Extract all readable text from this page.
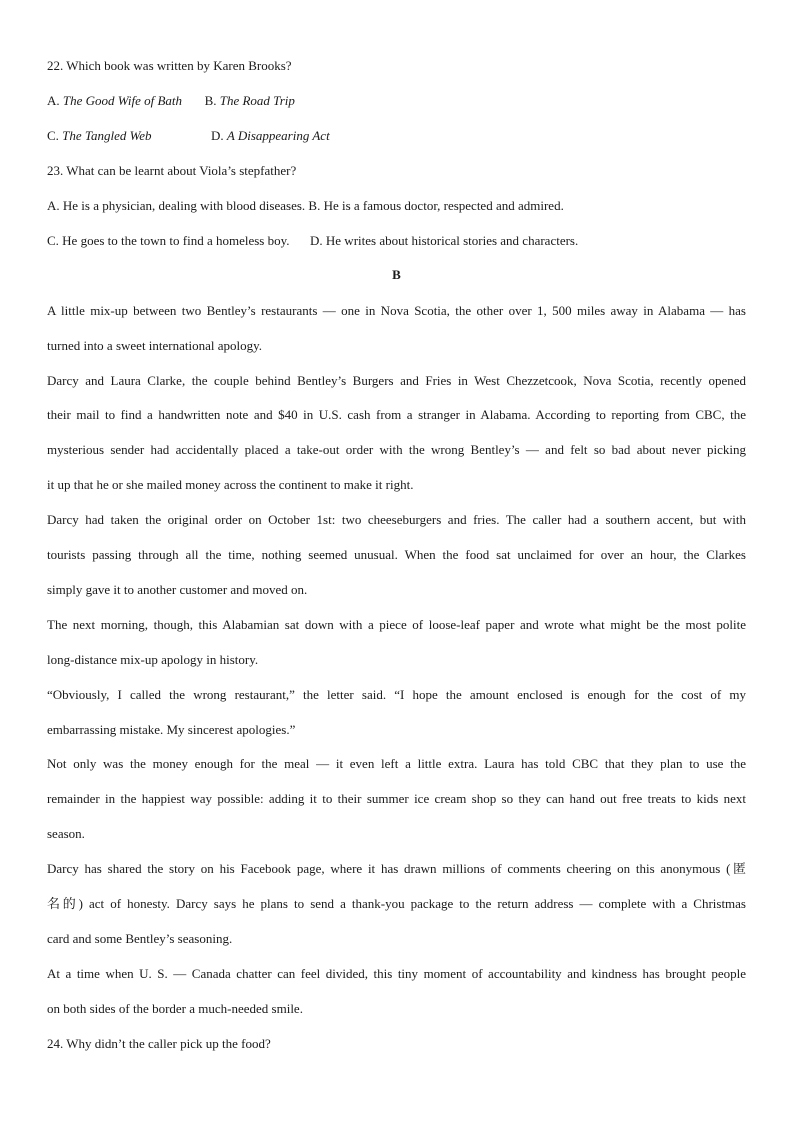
22. Which book was written by Karen Brooks?
A. The Good Wife of Bath B. The Road Trip
C. The Tangled Web	D. A Disappearing Act
23. What can be learnt about Viola’s stepfather?
A. He is a physician, dealing with blood diseases. B. He is a famous doctor, respected and admired.
C. He goes to the town to find a homeless boy. D. He writes about historical stories and characters.
B
A little mix-up between two Bentley’s restaurants — one in Nova Scotia, the other over 1, 500 miles away in Alabama — has
turned into a sweet international apology.
Darcy and Laura Clarke, the couple behind Bentley’s Burgers and Fries in West Chezzetcook, Nova Scotia, recently opened
their mail to find a handwritten note and $40 in U.S. cash from a stranger in Alabama. According to reporting from CBC, the
mysterious sender had accidentally placed a take-out order with the wrong Bentley’s — and felt so bad about never picking
it up that he or she mailed money across the continent to make it right.
Darcy had taken the original order on October 1st: two cheeseburgers and fries. The caller had a southern accent, but with
tourists passing through all the time, nothing seemed unusual. When the food sat unclaimed for over an hour, the Clarkes
simply gave it to another customer and moved on.
The next morning, though, this Alabamian sat down with a piece of loose-leaf paper and wrote what might be the most polite
long-distance mix-up apology in history.
“Obviously, I called the wrong restaurant,” the letter said. “I hope the amount enclosed is enough for the cost of my
embarrassing mistake. My sincerest apologies.”
Not only was the money enough for the meal — it even left a little extra. Laura has told CBC that they plan to use the
remainder in the happiest way possible: adding it to their summer ice cream shop so they can hand out free treats to kids next
season.
Darcy has shared the story on his Facebook page, where it has drawn millions of comments cheering on this anonymous (匿
名的) act of honesty. Darcy says he plans to send a thank-you package to the return address — complete with a Christmas
card and some Bentley’s seasoning.
At a time when U. S. — Canada chatter can feel divided, this tiny moment of accountability and kindness has brought people
on both sides of the border a much-needed smile.
24. Why didn’t the caller pick up the food?
